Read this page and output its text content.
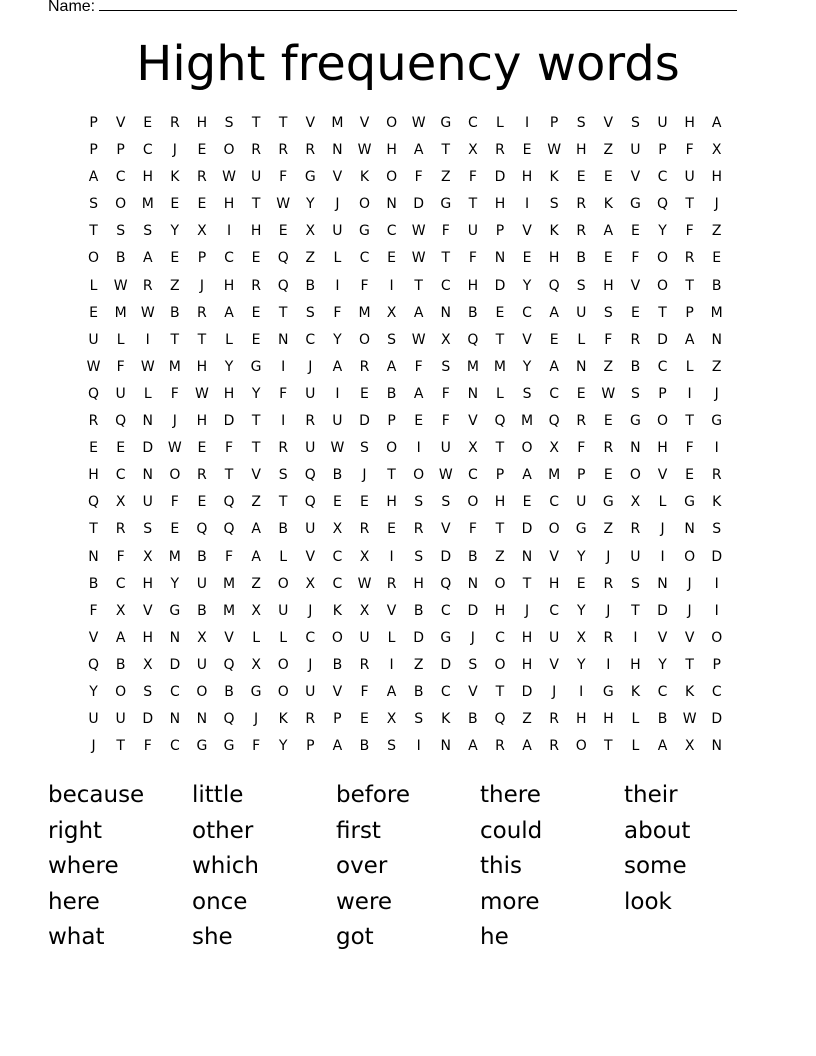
Name:
Hight frequency words
P	V	E	R	H	S	T	T	V	M	V	O	W	G	C	L	I	P	S	V	S	U	H	A
P	P	C	J	E	O	R	R	R	N	W	H	A	T	X	R	E	W	H	Z	U	P	F	X
A	C	H	K	R	W	U	F	G	V	K	O	F	Z	F	D	H	K	E	E	V	C	U	H
S	O	M	E	E	H	T	W	Y	J	O	N	D	G	T	H	I	S	R	K	G	Q	T	J
T	S	S	Y	X	I	H	E	X	U	G	C	W	F	U	P	V	K	R	A	E	Y	F	Z
O	B	A	E	P	C	E	Q	Z	L	C	E	W	T	F	N	E	H	B	E	F	O	R	E
L	W	R	Z	J	H	R	Q	B	I	F	I	T	C	H	D	Y	Q	S	H	V	O	T	B
E	M	W	B	R	A	E	T	S	F	M	X	A	N	B	E	C	A	U	S	E	T	P	M
U	L	I	T	T	L	E	N	C	Y	O	S	W	X	Q	T	V	E	L	F	R	D	A	N
W	F	W	M	H	Y	G	I	J	A	R	A	F	S	M	M	Y	A	N	Z	B	C	L	Z
Q	U	L	F	W	H	Y	F	U	I	E	B	A	F	N	L	S	C	E	W	S	P	I	J
R	Q	N	J	H	D	T	I	R	U	D	P	E	F	V	Q	M	Q	R	E	G	O	T	G
E	E	D	W	E	F	T	R	U	W	S	O	I	U	X	T	O	X	F	R	N	H	F	I
H	C	N	O	R	T	V	S	Q	B	J	T	O	W	C	P	A	M	P	E	O	V	E	R
Q	X	U	F	E	Q	Z	T	Q	E	E	H	S	S	O	H	E	C	U	G	X	L	G	K
T	R	S	E	Q	Q	A	B	U	X	R	E	R	V	F	T	D	O	G	Z	R	J	N	S
N	F	X	M	B	F	A	L	V	C	X	I	S	D	B	Z	N	V	Y	J	U	I	O	D
B	C	H	Y	U	M	Z	O	X	C	W	R	H	Q	N	O	T	H	E	R	S	N	J	I
F	X	V	G	B	M	X	U	J	K	X	V	B	C	D	H	J	C	Y	J	T	D	J	I
V	A	H	N	X	V	L	L	C	O	U	L	D	G	J	C	H	U	X	R	I	V	V	O
Q	B	X	D	U	Q	X	O	J	B	R	I	Z	D	S	O	H	V	Y	I	H	Y	T	P
Y	O	S	C	O	B	G	O	U	V	F	A	B	C	V	T	D	J	I	G	K	C	K	C
U	U	D	N	N	Q	J	K	R	P	E	X	S	K	B	Q	Z	R	H	H	L	B	W	D
J	T	F	C	G	G	F	Y	P	A	B	S	I	N	A	R	A	R	O	T	L	A	X	N
because	little	before	there	their
right	other	first	could	about
where	which	over	this	some
here	once	were	more	look
what	she	got	he
